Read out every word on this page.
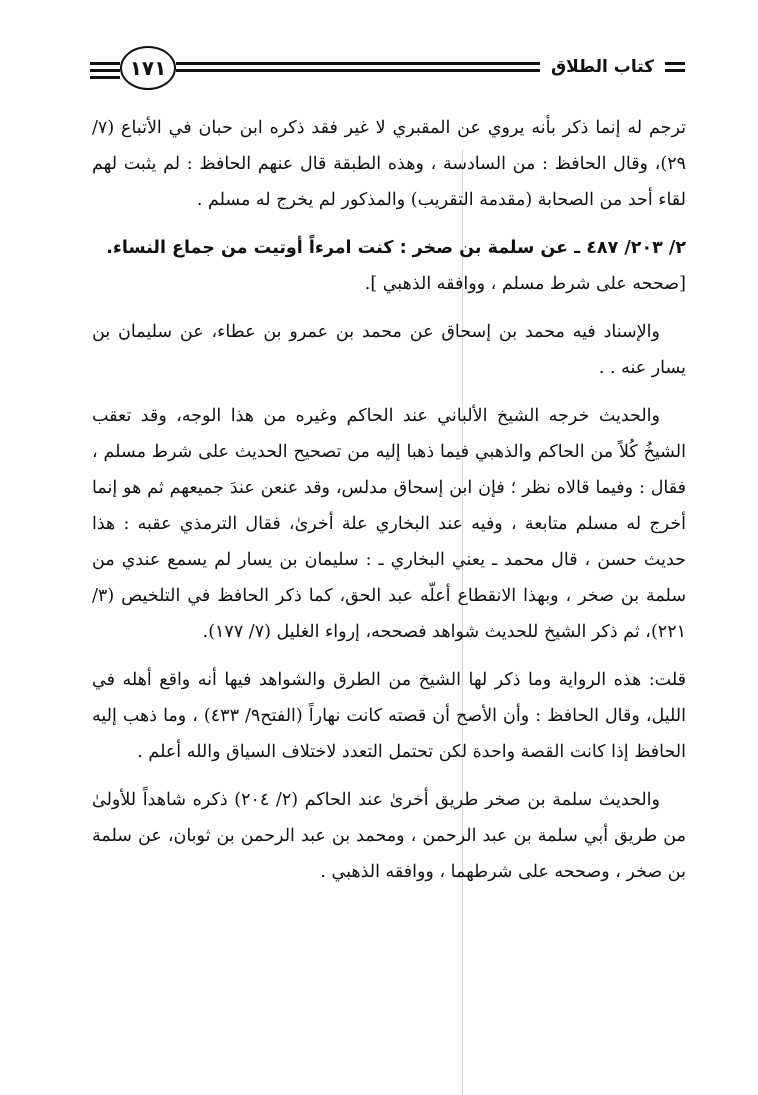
١٧١	كتاب الطلاق

ترجم له إنما ذكر بأنه يروي عن المقبري لا غير فقد ذكره ابن حبان في الأتباع (٧/ ٢٩)، وقال الحافظ : من السادسة ، وهذه الطبقة قال عنهم الحافظ : لم يثبت لهم لقاء أحد من الصحابة (مقدمة التقريب) والمذكور لم يخرج له مسلم .

٢/ ٢٠٣/ ٤٨٧ ـ عن سلمة بن صخر : كنت امرءاً أوتيت من جماع النساء.

[صححه على شرط مسلم ، ووافقه الذهبي ].

والإسناد فيه محمد بن إسحاق عن محمد بن عمرو بن عطاء، عن سليمان بن يسار عنه . .

والحديث خرجه الشيخ الألباني عند الحاكم وغيره من هذا الوجه، وقد تعقب الشيخُ كُلاً من الحاكم والذهبي فيما ذهبا إليه من تصحيح الحديث على شرط مسلم ، فقال : وفيما قالاه نظر ؛ فإن ابن إسحاق مدلس، وقد عنعن عندَ جميعهم ثم هو إنما أخرج له مسلم متابعة ، وفيه عند البخاري علة أخرىٰ، فقال الترمذي عقبه : هذا حديث حسن ، قال محمد ـ يعني البخاري ـ : سليمان بن يسار لم يسمع عندي من سلمة بن صخر ، وبهذا الانقطاع أعلّه عبد الحق، كما ذكر الحافظ في التلخيص (٣/ ٢٢١)، ثم ذكر الشيخ للحديث شواهد فصححه، إرواء الغليل (٧/ ١٧٧).

قلت: هذه الرواية وما ذكر لها الشيخ من الطرق والشواهد فيها أنه واقع أهله في الليل، وقال الحافظ : وأن الأصح أن قصته كانت نهاراً (الفتح٩/ ٤٣٣) ، وما ذهب إليه الحافظ إذا كانت القصة واحدة لكن تحتمل التعدد لاختلاف السياق والله أعلم .

والحديث سلمة بن صخر طريق أخرىٰ عند الحاكم (٢/ ٢٠٤) ذكره شاهداً للأولىٰ من طريق أبي سلمة بن عبد الرحمن ، ومحمد بن عبد الرحمن بن ثوبان، عن سلمة بن صخر ، وصححه على شرطهما ، ووافقه الذهبي .
